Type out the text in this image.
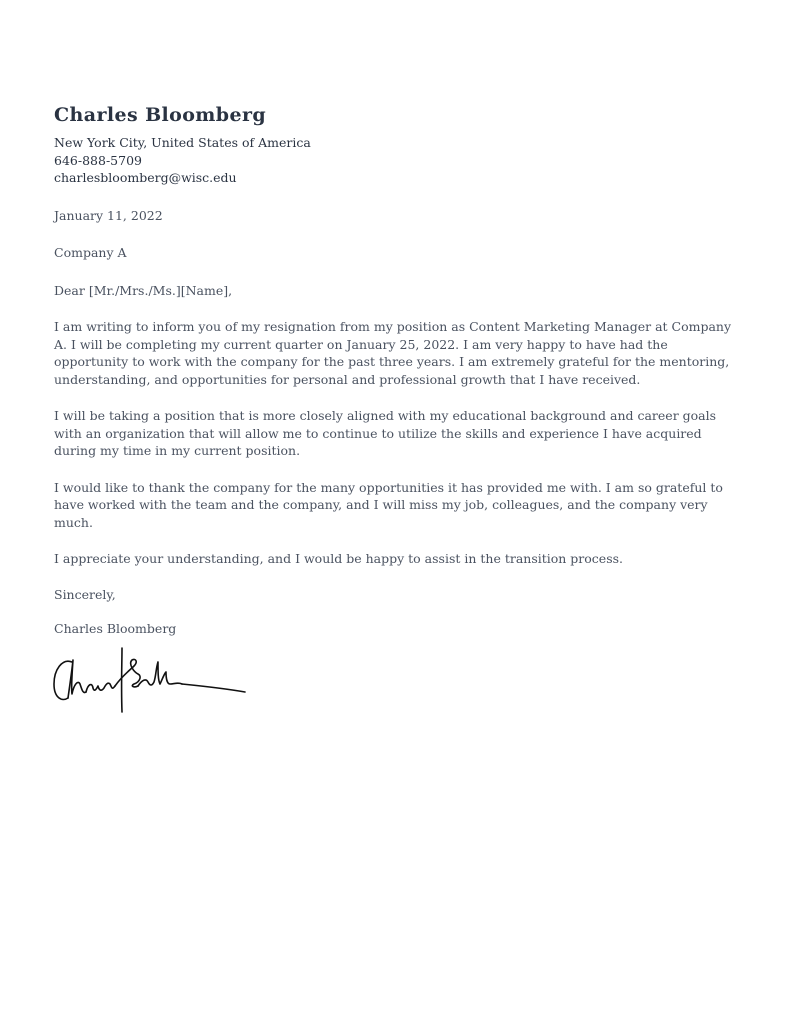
Charles Bloomberg
New York City, United States of America
646-888-5709
charlesbloomberg@wisc.edu
January 11, 2022
Company A
Dear [Mr./Mrs./Ms.][Name],
I am writing to inform you of my resignation from my position as Content Marketing Manager at Company A. I will be completing my current quarter on January 25, 2022. I am very happy to have had the opportunity to work with the company for the past three years. I am extremely grateful for the mentoring, understanding, and opportunities for personal and professional growth that I have received.
I will be taking a position that is more closely aligned with my educational background and career goals with an organization that will allow me to continue to utilize the skills and experience I have acquired during my time in my current position.
I would like to thank the company for the many opportunities it has provided me with. I am so grateful to have worked with the team and the company, and I will miss my job, colleagues, and the company very much.
I appreciate your understanding, and I would be happy to assist in the transition process.
Sincerely,
Charles Bloomberg
